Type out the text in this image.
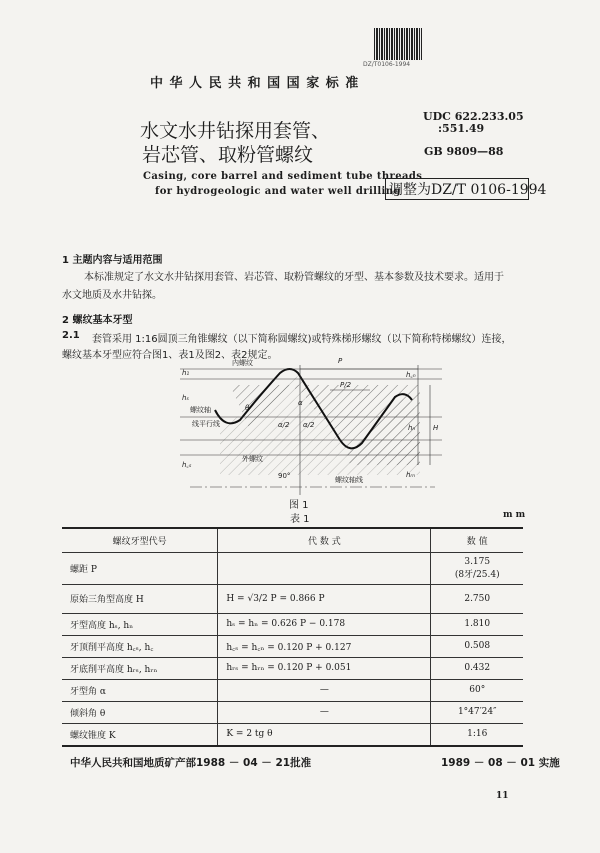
DZ/T0106-1994
中 华 人 民 共 和 国 国 家 标 准
UDC 622.233.05
:551.49
GB 9809—88
水文水井钻探用套管、
岩芯管、取粉管螺纹
Casing, core barrel and sediment tube threads
for hydrogeologic and water well drilling
调整为DZ/T 0106-1994
1 主题内容与适用范围
本标准规定了水文水井钻探用套管、岩芯管、取粉管螺纹的牙型、基本参数及技术要求。适用于
水文地质及水井钻探。
2 螺纹基本牙型
2.1 套管采用 1:16圆顶三角锥螺纹（以下简称圆螺纹)或特殊梯形螺纹（以下简称特梯螺纹）连接，
螺纹基本牙型应符合图1、表1及图2、表2规定。
内螺纹	P
P/2
α
α/2 α/2
θ
螺纹轴
线平行线
外螺纹
螺纹轴线
90°
h₁
hₛ
h꜀ₛ
h꜀ₙ
H
hₙ
hᵣₙ
图 1
表 1	m m
螺纹牙型代号	代 数 式	数 值
螺距 P		3.175
(8牙/25.4)

原始三角型高度 H	H = √3/2 P = 0.866 P	2.750
牙型高度 hₛ, hₙ	hₛ = hₙ = 0.626 P − 0.178	1.810
牙顶削平高度 h꜀ₛ, h꜀	h꜀ₛ = h꜀ₙ = 0.120 P + 0.127	0.508
牙底削平高度 hᵣₛ, hᵣₙ	hᵣₛ = hᵣₙ = 0.120 P + 0.051	0.432
牙型角 α	—	60°
倾斜角 θ	—	1°47′24″
螺纹锥度 K	K = 2 tg θ	1:16
中华人民共和国地质矿产部1988 － 04 － 21批准	1989 － 08 － 01 实施
11
